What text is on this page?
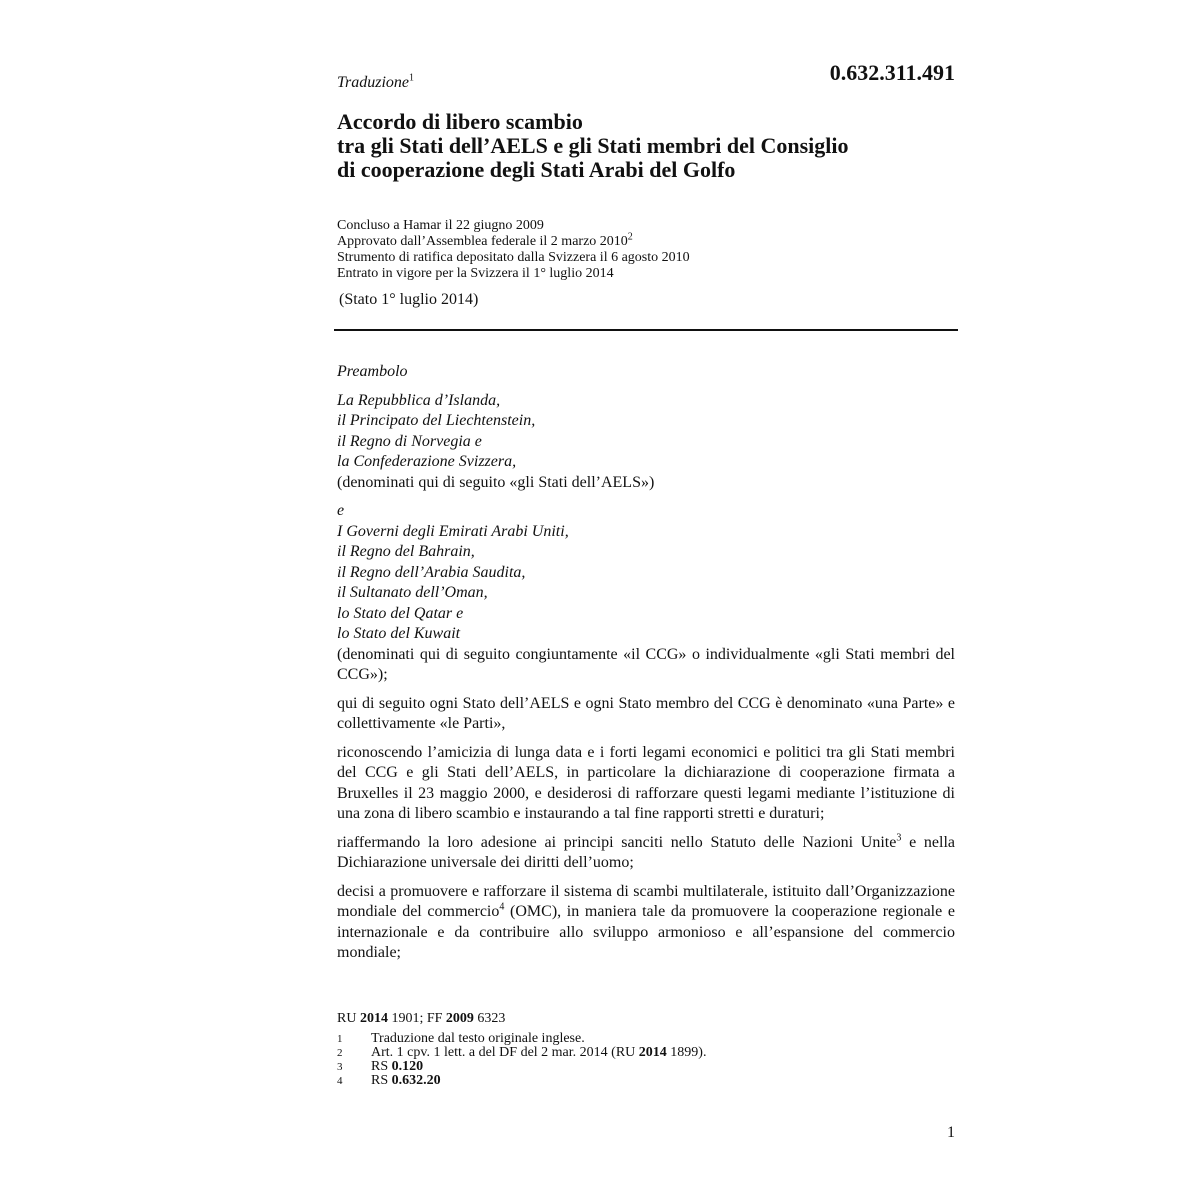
Traduzione$^1$	0.632.311.491
Accordo di libero scambio
tra gli Stati dell’AELS e gli Stati membri del Consiglio
di cooperazione degli Stati Arabi del Golfo
Concluso a Hamar il 22 giugno 2009
Approvato dall’Assemblea federale il 2 marzo 2010$^2$
Strumento di ratifica depositato dalla Svizzera il 6 agosto 2010
Entrato in vigore per la Svizzera il 1° luglio 2014
(Stato 1° luglio 2014)

Preambolo

La Repubblica d’Islanda,
il Principato del Liechtenstein,
il Regno di Norvegia e
la Confederazione Svizzera,
(denominati qui di seguito «gli Stati dell’AELS»)

e
I Governi degli Emirati Arabi Uniti,
il Regno del Bahrain,
il Regno dell’Arabia Saudita,
il Sultanato dell’Oman,
lo Stato del Qatar e
lo Stato del Kuwait
(denominati qui di seguito congiuntamente «il CCG» o individualmente «gli Stati membri del CCG»);

qui di seguito ogni Stato dell’AELS e ogni Stato membro del CCG è denominato «una Parte» e collettivamente «le Parti»,

riconoscendo l’amicizia di lunga data e i forti legami economici e politici tra gli Stati membri del CCG e gli Stati dell’AELS, in particolare la dichiarazione di cooperazione firmata a Bruxelles il 23 maggio 2000, e desiderosi di rafforzare questi legami mediante l’istituzione di una zona di libero scambio e instaurando a tal fine rapporti stretti e duraturi;

riaffermando la loro adesione ai principi sanciti nello Statuto delle Nazioni Unite$^3$ e nella Dichiarazione universale dei diritti dell’uomo;

decisi a promuovere e rafforzare il sistema di scambi multilaterale, istituito dall’Organizzazione mondiale del commercio$^4$ (OMC), in maniera tale da promuovere la cooperazione regionale e internazionale e da contribuire allo sviluppo armonioso e all’espansione del commercio mondiale;

RU 2014 1901; FF 2009 6323
1	Traduzione dal testo originale inglese.
2	Art. 1 cpv. 1 lett. a del DF del 2 mar. 2014 (RU 2014 1899).
3	RS 0.120
4	RS 0.632.20
1
